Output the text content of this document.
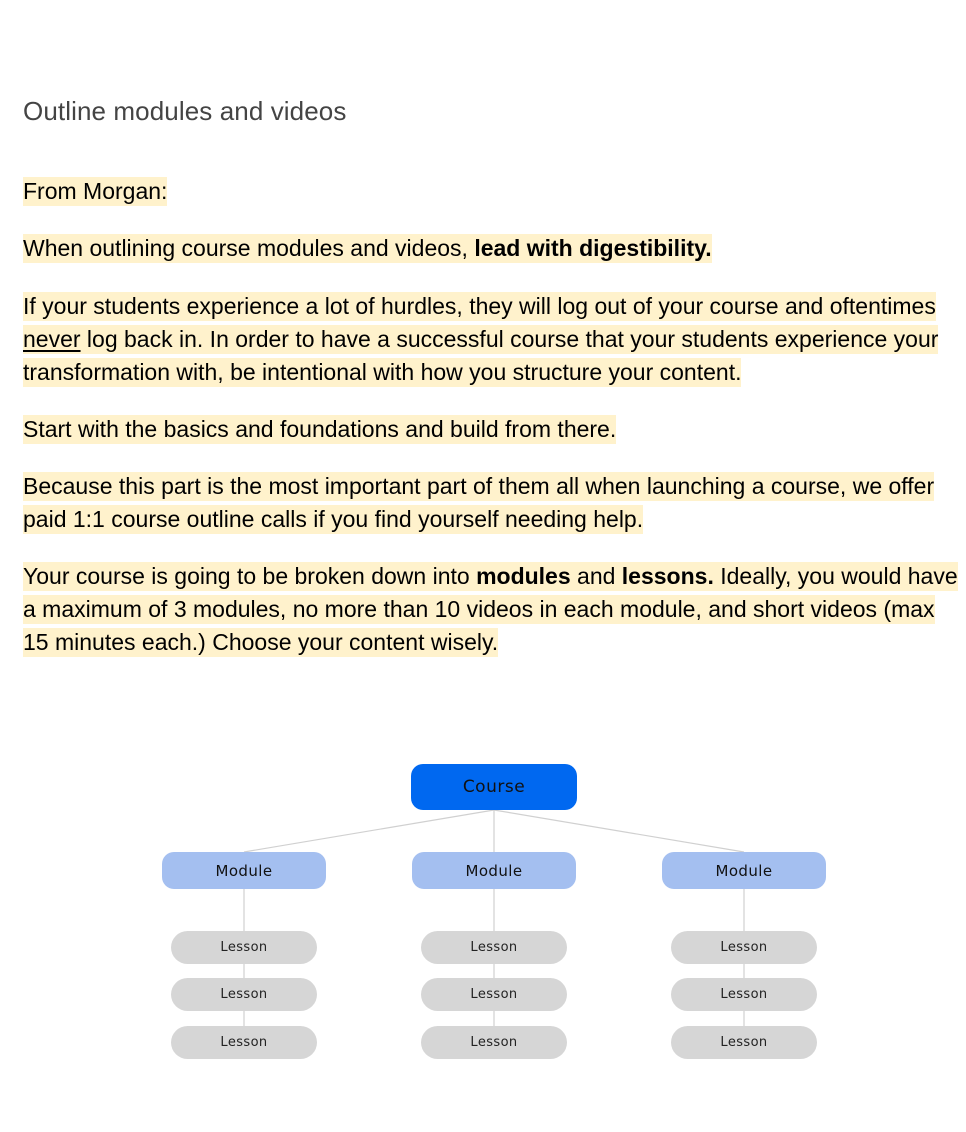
Outline modules and videos

From Morgan:

When outlining course modules and videos, lead with digestibility.

If your students experience a lot of hurdles, they will log out of your course and oftentimes never log back in. In order to have a successful course that your students experience your transformation with, be intentional with how you structure your content.

Start with the basics and foundations and build from there.

Because this part is the most important part of them all when launching a course, we offer paid 1:1 course outline calls if you find yourself needing help.

Your course is going to be broken down into modules and lessons. Ideally, you would have a maximum of 3 modules, no more than 10 videos in each module, and short videos (max 15 minutes each.) Choose your content wisely.

Course
Module
Lesson
Lesson
Lesson
Module
Lesson
Lesson
Lesson
Module
Lesson
Lesson
Lesson
